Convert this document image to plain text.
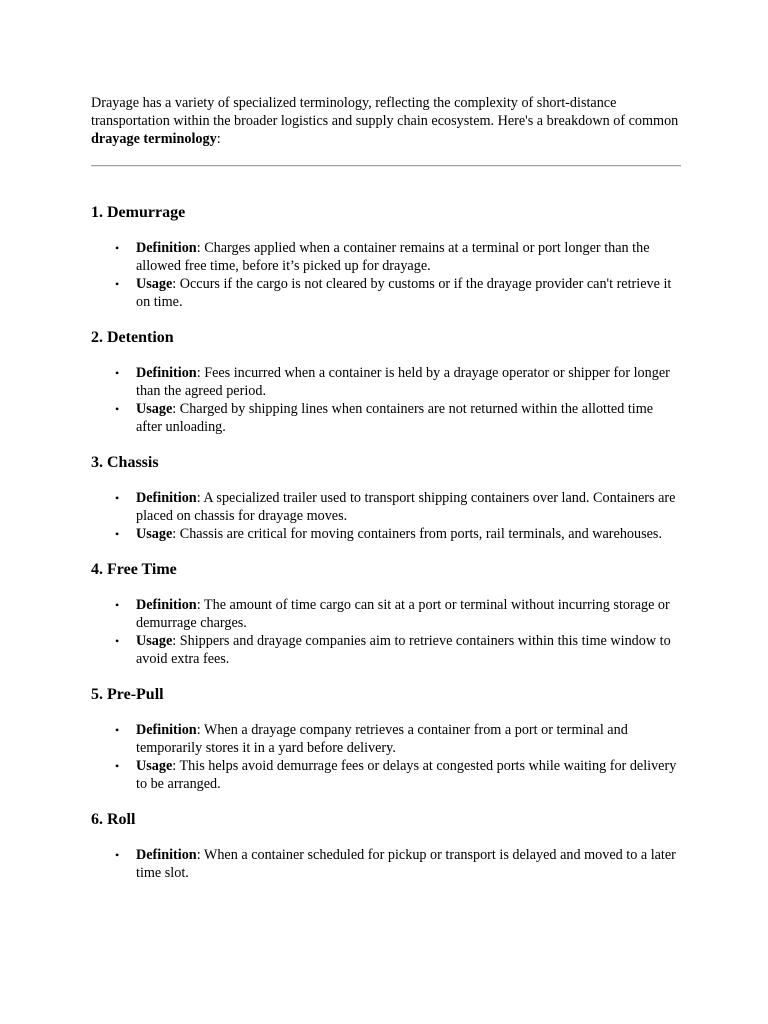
Drayage has a variety of specialized terminology, reflecting the complexity of short-distance transportation within the broader logistics and supply chain ecosystem. Here's a breakdown of common drayage terminology:

1. Demurrage
• Definition: Charges applied when a container remains at a terminal or port longer than the allowed free time, before it’s picked up for drayage.
• Usage: Occurs if the cargo is not cleared by customs or if the drayage provider can't retrieve it on time.
2. Detention
• Definition: Fees incurred when a container is held by a drayage operator or shipper for longer than the agreed period.
• Usage: Charged by shipping lines when containers are not returned within the allotted time after unloading.
3. Chassis
• Definition: A specialized trailer used to transport shipping containers over land. Containers are placed on chassis for drayage moves.
• Usage: Chassis are critical for moving containers from ports, rail terminals, and warehouses.
4. Free Time
• Definition: The amount of time cargo can sit at a port or terminal without incurring storage or demurrage charges.
• Usage: Shippers and drayage companies aim to retrieve containers within this time window to avoid extra fees.
5. Pre-Pull
• Definition: When a drayage company retrieves a container from a port or terminal and temporarily stores it in a yard before delivery.
• Usage: This helps avoid demurrage fees or delays at congested ports while waiting for delivery to be arranged.
6. Roll
• Definition: When a container scheduled for pickup or transport is delayed and moved to a later time slot.
